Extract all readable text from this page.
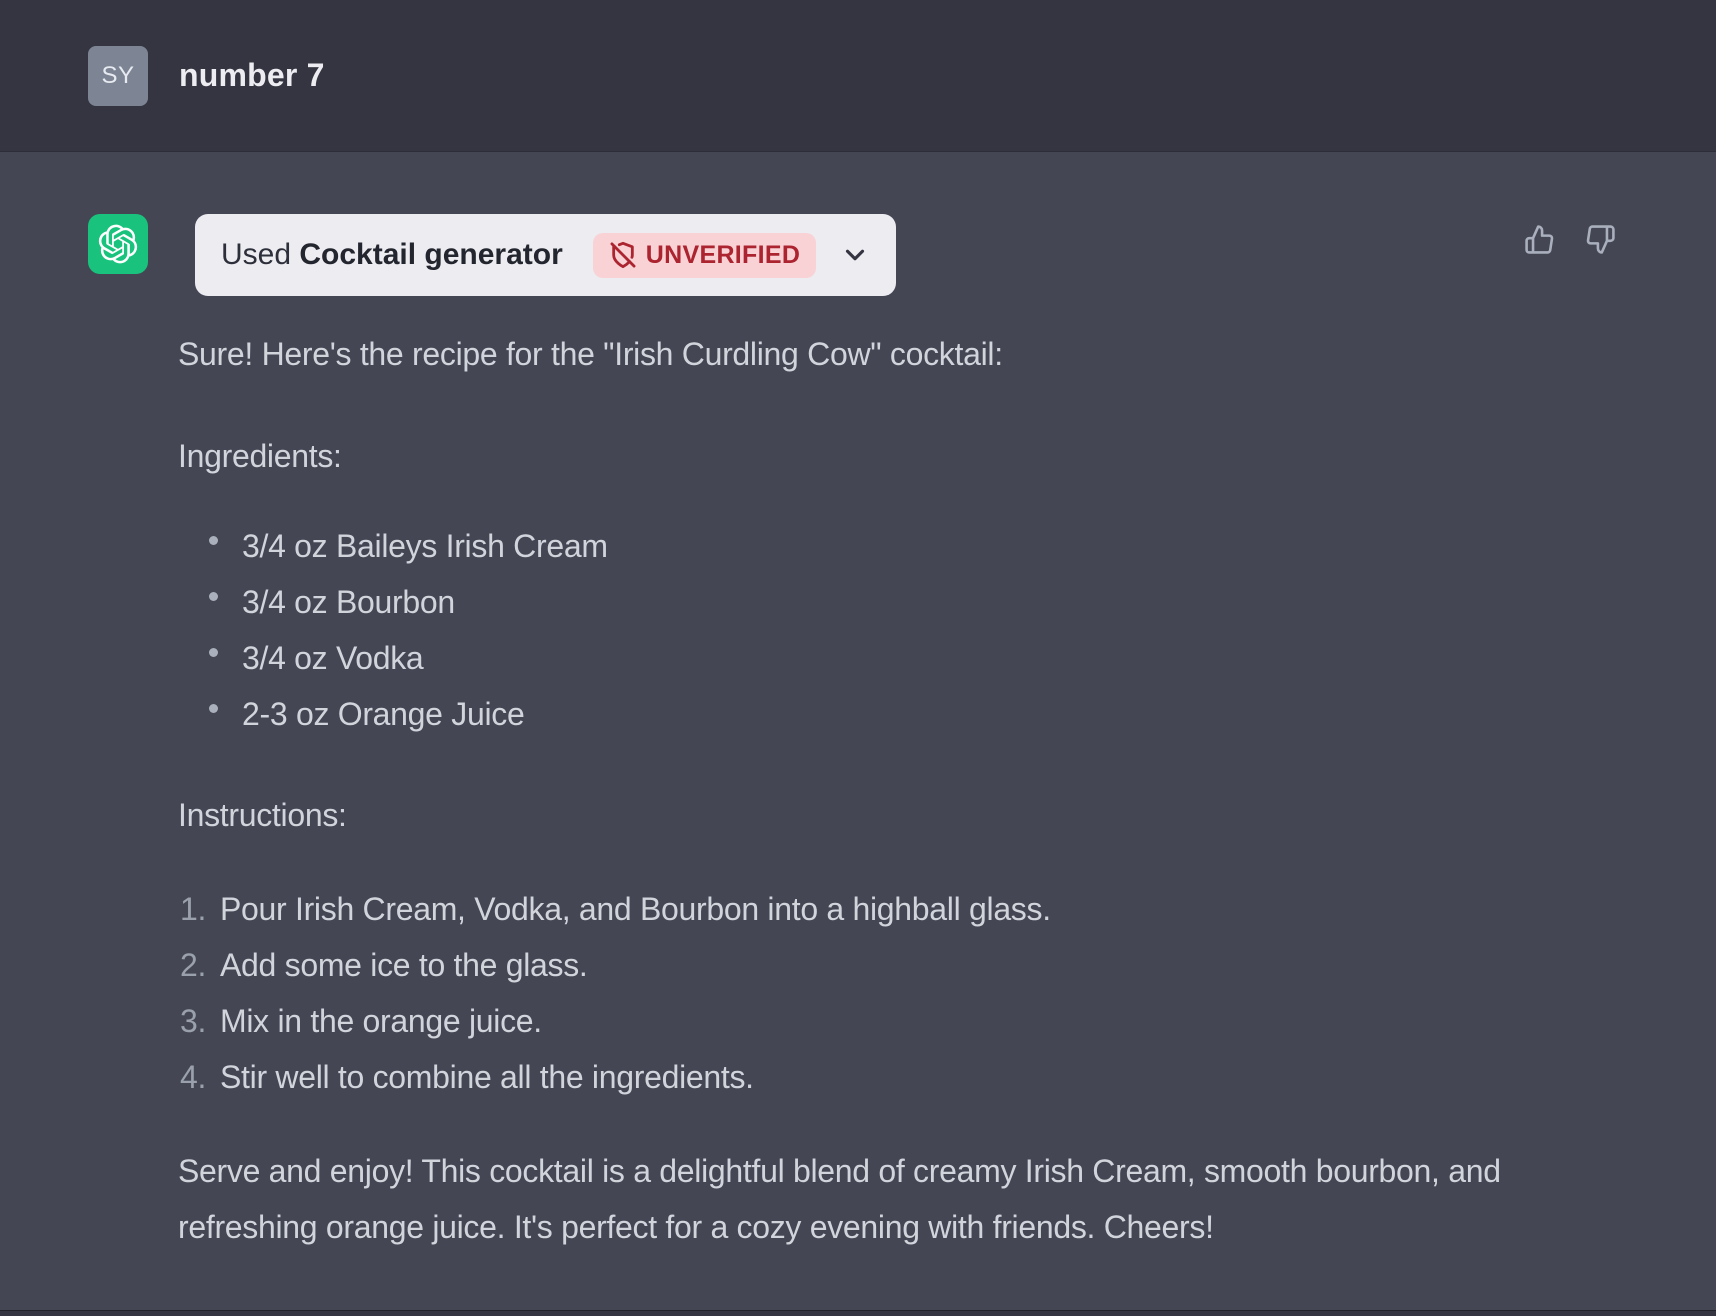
SY number 7
Used Cocktail generator	UNVERIFIED

Sure! Here's the recipe for the "Irish Curdling Cow" cocktail:

Ingredients:

3/4 oz Baileys Irish Cream
3/4 oz Bourbon
3/4 oz Vodka
2-3 oz Orange Juice

Instructions:

Pour Irish Cream, Vodka, and Bourbon into a highball glass.
Add some ice to the glass.
Mix in the orange juice.
Stir well to combine all the ingredients.

Serve and enjoy! This cocktail is a delightful blend of creamy Irish Cream, smooth bourbon, and refreshing orange juice. It's perfect for a cozy evening with friends. Cheers!
